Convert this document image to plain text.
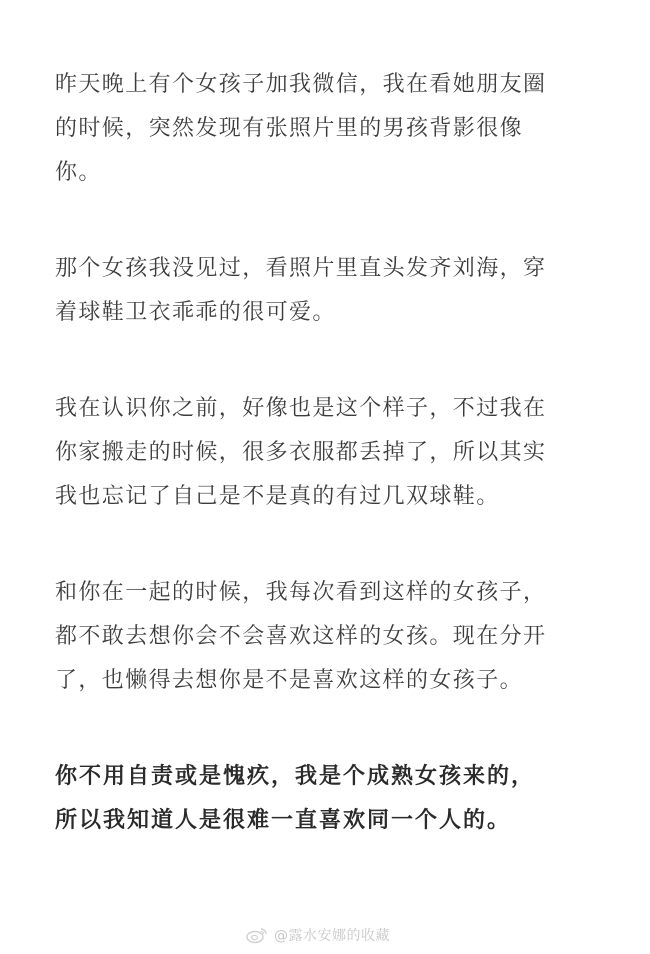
昨天晚上有个女孩子加我微信，我在看她朋友圈
的时候，突然发现有张照片里的男孩背影很像
你。

那个女孩我没见过，看照片里直头发齐刘海，穿
着球鞋卫衣乖乖的很可爱。

我在认识你之前，好像也是这个样子，不过我在
你家搬走的时候，很多衣服都丢掉了，所以其实
我也忘记了自己是不是真的有过几双球鞋。

和你在一起的时候，我每次看到这样的女孩子，
都不敢去想你会不会喜欢这样的女孩。现在分开
了，也懒得去想你是不是喜欢这样的女孩子。

你不用自责或是愧疚，我是个成熟女孩来的，
所以我知道人是很难一直喜欢同一个人的。

@露水安娜的收藏
